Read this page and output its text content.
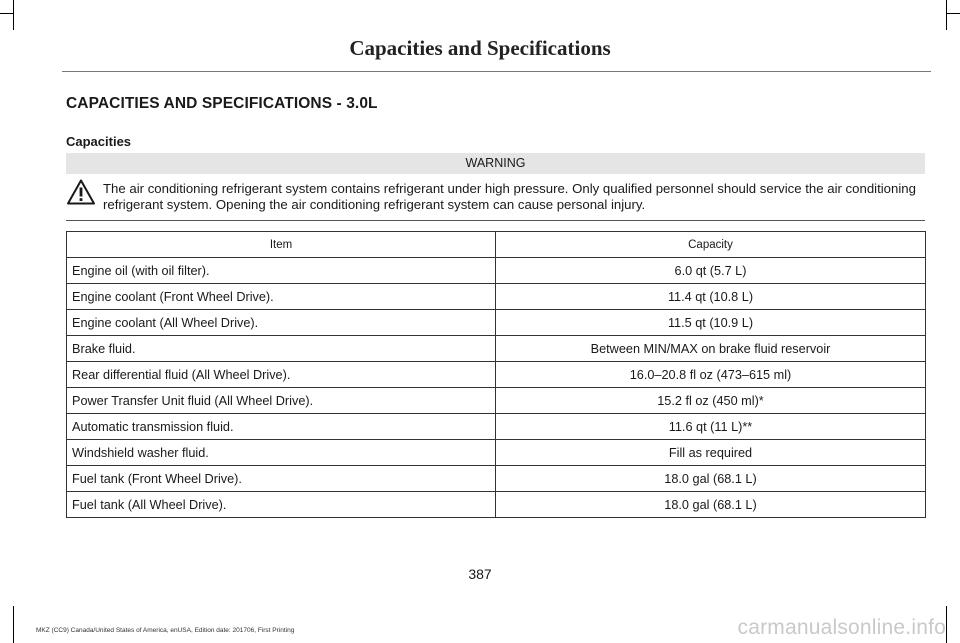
Capacities and Specifications
CAPACITIES AND SPECIFICATIONS - 3.0L
Capacities
WARNING
The air conditioning refrigerant system contains refrigerant under high pressure. Only qualified personnel should service the air conditioning refrigerant system. Opening the air conditioning refrigerant system can cause personal injury.
Item	Capacity
Engine oil (with oil filter).	6.0 qt (5.7 L)
Engine coolant (Front Wheel Drive).	11.4 qt (10.8 L)
Engine coolant (All Wheel Drive).	11.5 qt (10.9 L)
Brake fluid.	Between MIN/MAX on brake fluid reservoir
Rear differential fluid (All Wheel Drive).	16.0–20.8 fl oz (473–615 ml)
Power Transfer Unit fluid (All Wheel Drive).	15.2 fl oz (450 ml)*
Automatic transmission fluid.	11.6 qt (11 L)**
Windshield washer fluid.	Fill as required
Fuel tank (Front Wheel Drive).	18.0 gal (68.1 L)
Fuel tank (All Wheel Drive).	18.0 gal (68.1 L)
387
MKZ (CC9) Canada/United States of America, enUSA, Edition date: 201706, First Printing	carmanualsonline.info
